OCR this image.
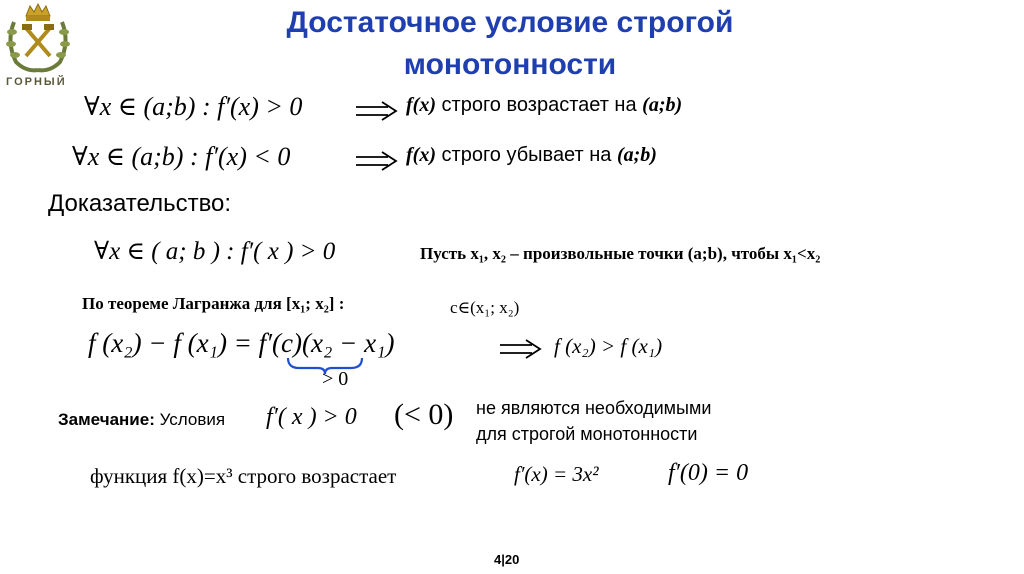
ГОРНЫЙ
Достаточное условие строгой
монотонности
∀x ∈ (a;b) : f′(x) > 0	f(x) строго возрастает на (a;b)
∀x ∈ (a;b) : f′(x) < 0	f(x) строго убывает на (a;b)
Доказательство:
∀x ∈ ( a; b ) : f′( x ) > 0	Пусть x₁, x₂ – произвольные точки (a;b), чтобы x₁<x₂
По теореме Лагранжа для [x₁; x₂] :	c∈(x₁; x₂)
f (x₂) − f (x₁) = f′(c)(x₂ − x₁)	f (x₂) > f (x₁)
> 0
Замечание: Условия f′( x ) > 0 (< 0) не являются необходимыми
для строгой монотонности
функция f(x)=x³ строго возрастает	f′(x) = 3x²	f′(0) = 0
4|20
